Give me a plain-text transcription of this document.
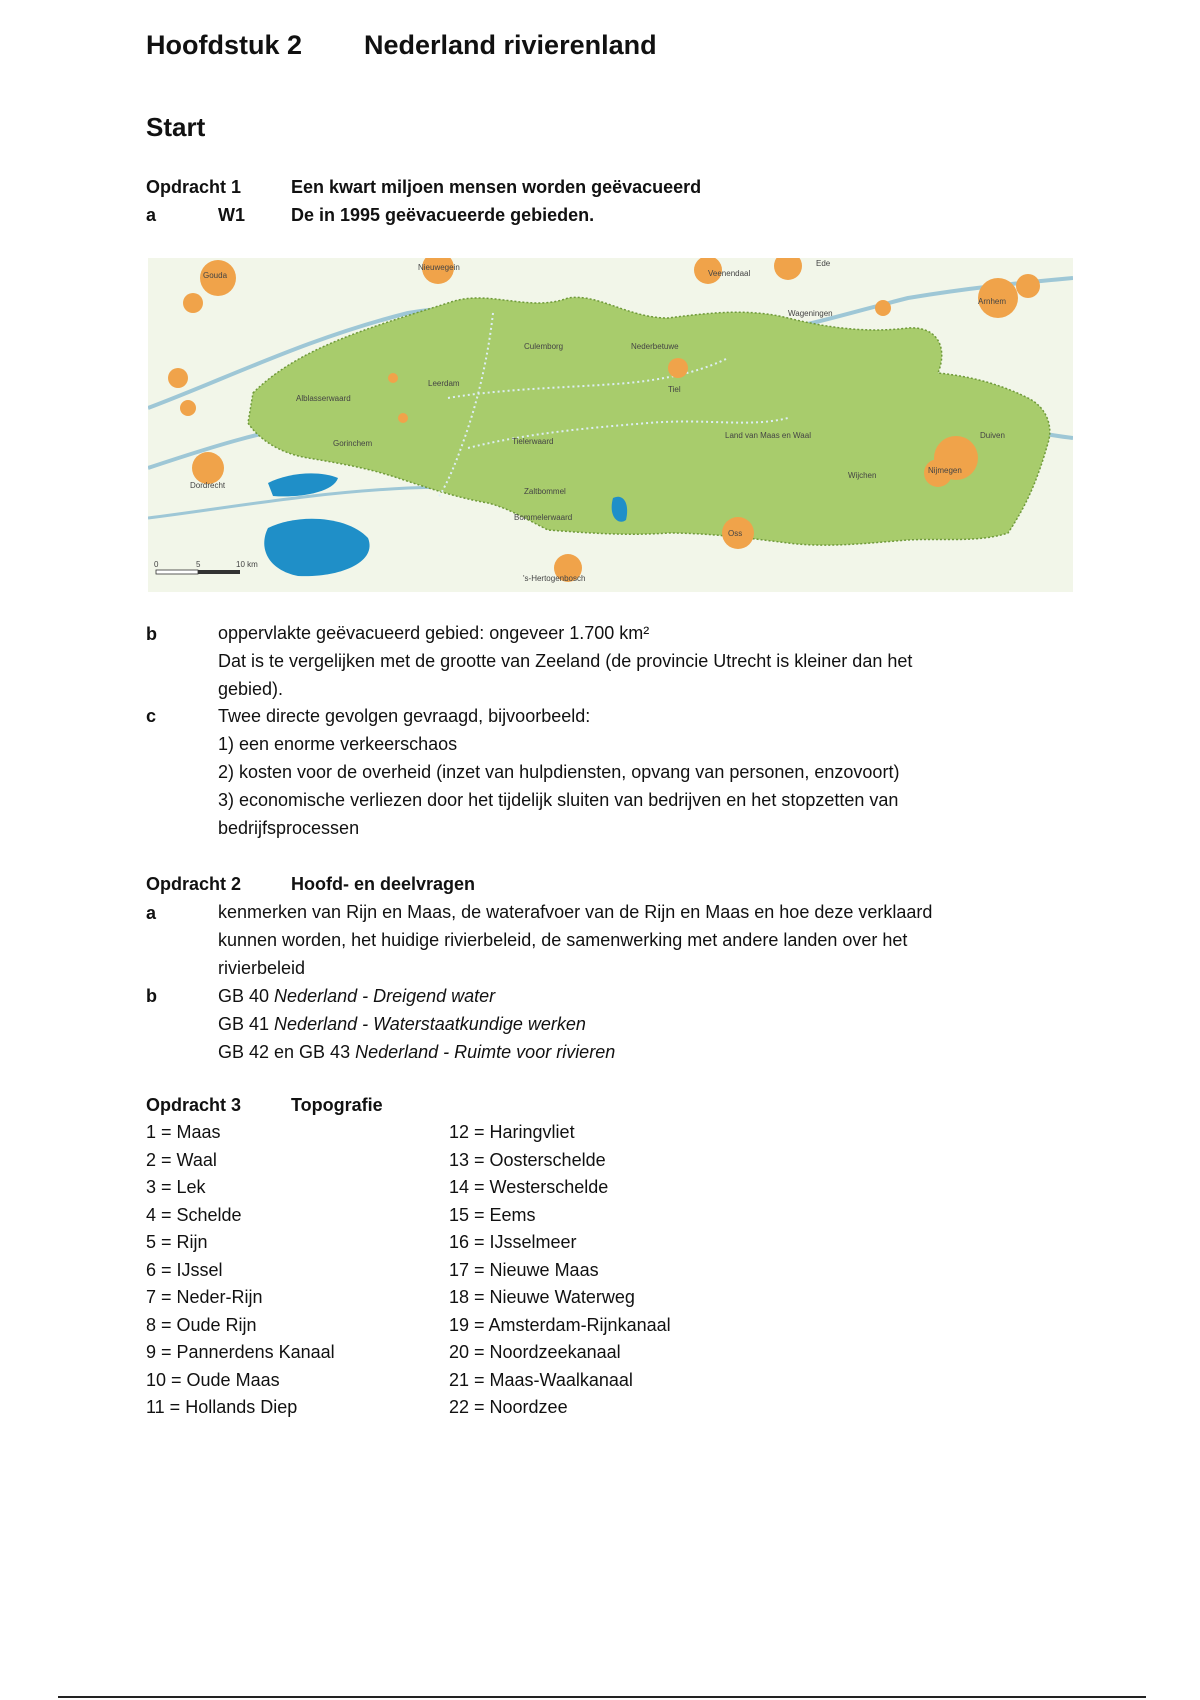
Hoofdstuk 2 Nederland rivierenland
Start
Opdracht 1	Een kwart miljoen mensen worden geëvacueerd
a	W1	De in 1995 geëvacueerde gebieden.
Gouda
Nieuwegein
Veenendaal
Ede
Arnhem
Wageningen
Culemborg	Nederbetuwe
Leerdam
Alblasserwaard
Tiel
Gorinchem	Tielerwaard
Land van Maas en Waal	Duiven
Nijmegen
Wijchen
Dordrecht
Zaltbommel
Bommelerwaard
Oss
's-Hertogenbosch
0	5	10 km
b	oppervlakte geëvacueerd gebied: ongeveer 1.700 km²
Dat is te vergelijken met de grootte van Zeeland (de provincie Utrecht is kleiner dan het
gebied).
c	Twee directe gevolgen gevraagd, bijvoorbeeld:
1) een enorme verkeerschaos
2) kosten voor de overheid (inzet van hulpdiensten, opvang van personen, enzovoort)
3) economische verliezen door het tijdelijk sluiten van bedrijven en het stopzetten van
bedrijfsprocessen
Opdracht 2	Hoofd- en deelvragen
a	kenmerken van Rijn en Maas, de waterafvoer van de Rijn en Maas en hoe deze verklaard
kunnen worden, het huidige rivierbeleid, de samenwerking met andere landen over het
rivierbeleid
b	GB 40 Nederland - Dreigend water
GB 41 Nederland - Waterstaatkundige werken
GB 42 en GB 43 Nederland - Ruimte voor rivieren
Opdracht 3	Topografie
1 = Maas
2 = Waal
3 = Lek
4 = Schelde
5 = Rijn
6 = IJssel
7 = Neder-Rijn
8 = Oude Rijn
9 = Pannerdens Kanaal
10 = Oude Maas
11 = Hollands Diep
12 = Haringvliet
13 = Oosterschelde
14 = Westerschelde
15 = Eems
16 = IJsselmeer
17 = Nieuwe Maas
18 = Nieuwe Waterweg
19 = Amsterdam-Rijnkanaal
20 = Noordzeekanaal
21 = Maas-Waalkanaal
22 = Noordzee
